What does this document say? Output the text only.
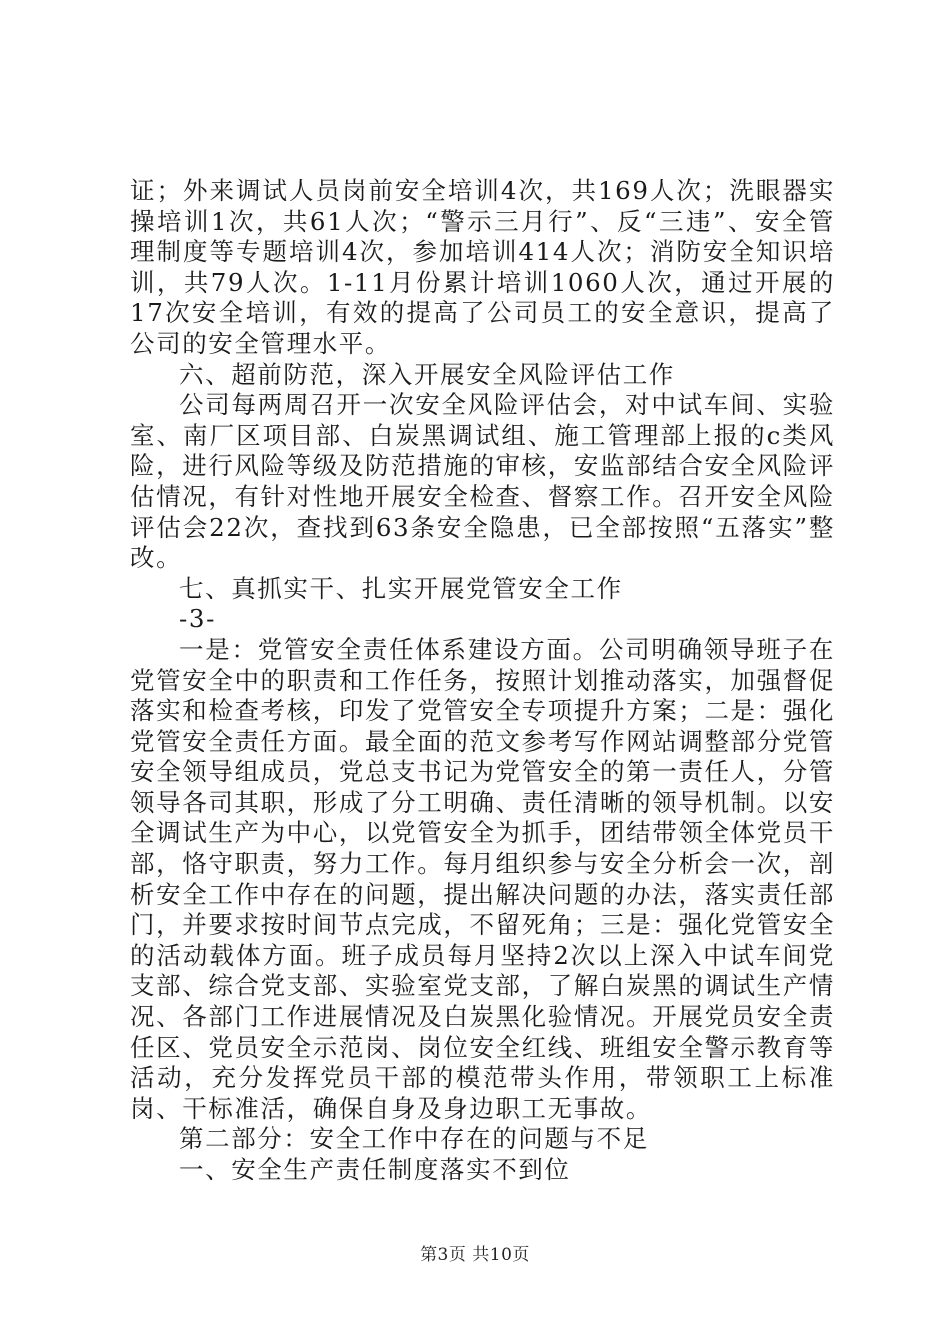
证；外来调试人员岗前安全培训4次，共169人次；洗眼器实操培训1次，共61人次；“警示三月行”、反“三违”、安全管理制度等专题培训4次，参加培训414人次；消防安全知识培训，共79人次。1-11月份累计培训1060人次，通过开展的17次安全培训，有效的提高了公司员工的安全意识，提高了公司的安全管理水平。

六、超前防范，深入开展安全风险评估工作

公司每两周召开一次安全风险评估会，对中试车间、实验室、南厂区项目部、白炭黑调试组、施工管理部上报的c类风险，进行风险等级及防范措施的审核，安监部结合安全风险评估情况，有针对性地开展安全检查、督察工作。召开安全风险评估会22次，查找到63条安全隐患，已全部按照“五落实”整改。

七、真抓实干、扎实开展党管安全工作

-3-

一是：党管安全责任体系建设方面。公司明确领导班子在党管安全中的职责和工作任务，按照计划推动落实，加强督促落实和检查考核，印发了党管安全专项提升方案；二是：强化党管安全责任方面。最全面的范文参考写作网站调整部分党管安全领导组成员，党总支书记为党管安全的第一责任人，分管领导各司其职，形成了分工明确、责任清晰的领导机制。以安全调试生产为中心，以党管安全为抓手，团结带领全体党员干部，恪守职责，努力工作。每月组织参与安全分析会一次，剖析安全工作中存在的问题，提出解决问题的办法，落实责任部门，并要求按时间节点完成，不留死角；三是：强化党管安全的活动载体方面。班子成员每月坚持2次以上深入中试车间党支部、综合党支部、实验室党支部，了解白炭黑的调试生产情况、各部门工作进展情况及白炭黑化验情况。开展党员安全责任区、党员安全示范岗、岗位安全红线、班组安全警示教育等活动，充分发挥党员干部的模范带头作用，带领职工上标准岗、干标准活，确保自身及身边职工无事故。

第二部分：安全工作中存在的问题与不足

一、安全生产责任制度落实不到位

第3页 共10页
